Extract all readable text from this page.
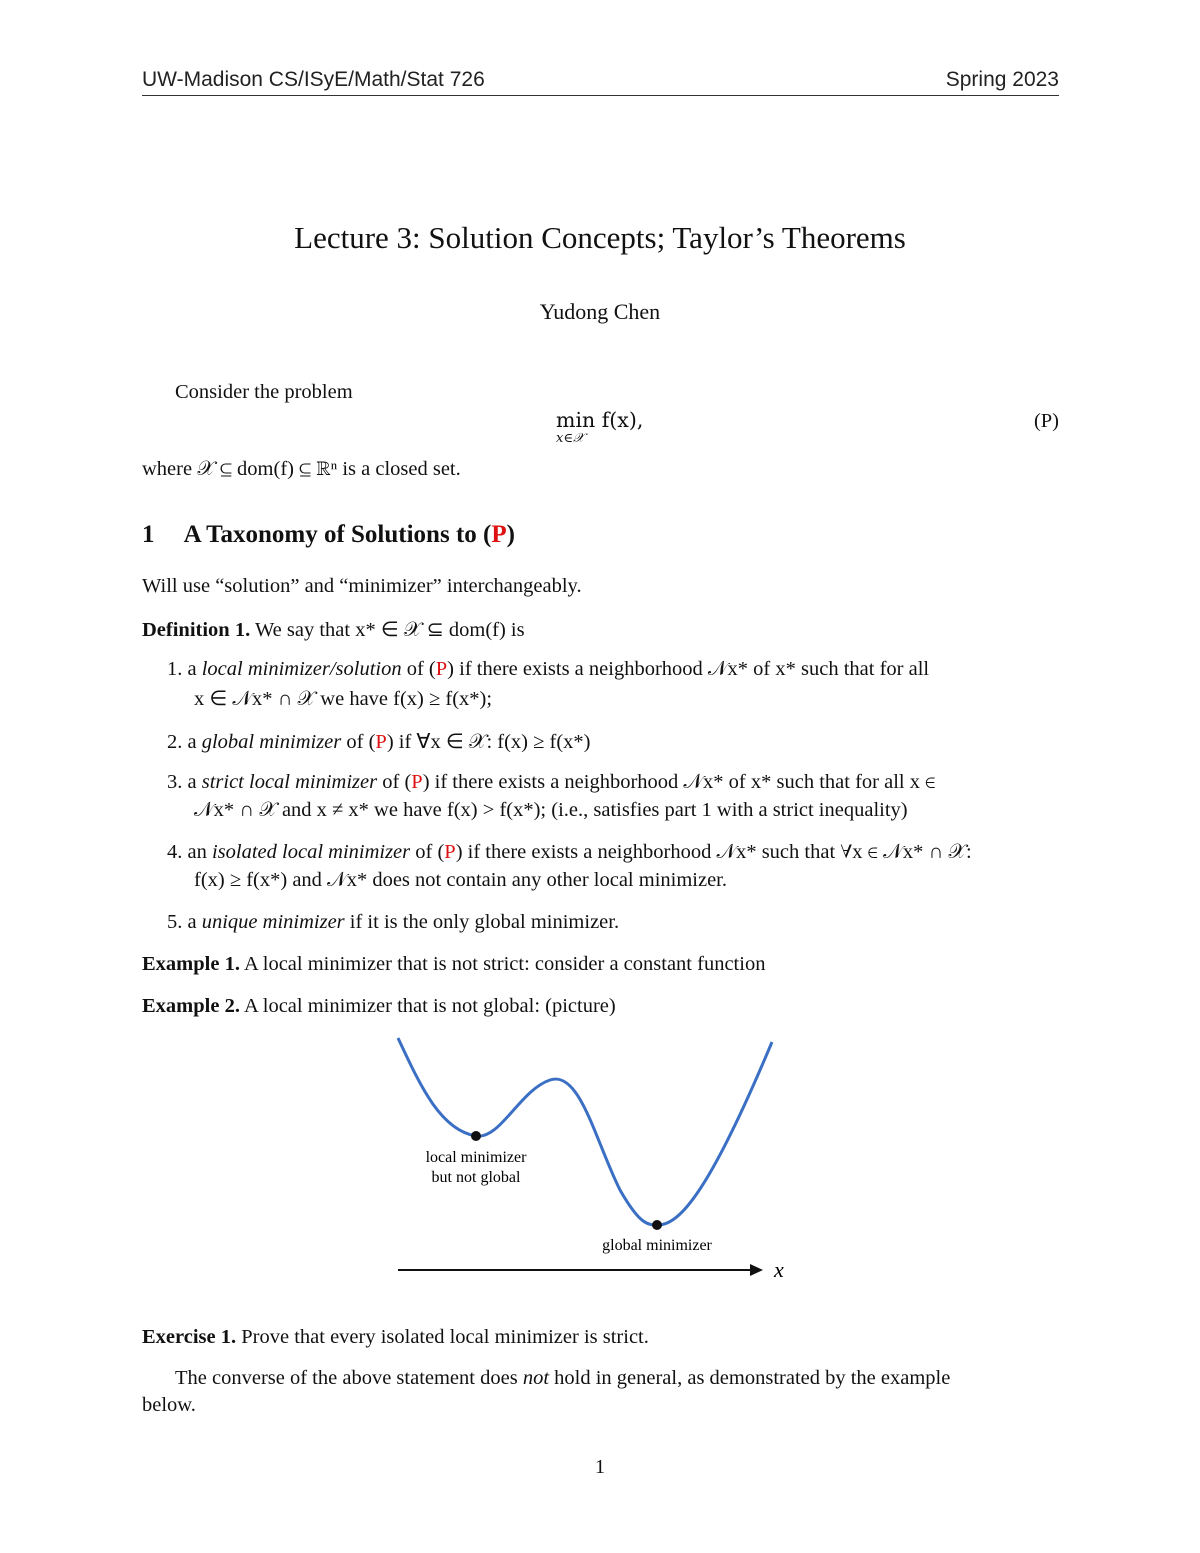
UW-Madison CS/ISyE/Math/Stat 726	Spring 2023
Lecture 3: Solution Concepts; Taylor’s Theorems
Yudong Chen
Consider the problem
min f(x),
x∈𝒳
(P)
where 𝒳 ⊆ dom(f) ⊆ ℝⁿ is a closed set.
1 A Taxonomy of Solutions to (P)
Will use “solution” and “minimizer” interchangeably.
Definition 1. We say that x* ∈ 𝒳 ⊆ dom(f) is
1. a local minimizer/solution of (P) if there exists a neighborhood 𝒩x* of x* such that for all
x ∈ 𝒩x* ∩ 𝒳 we have f(x) ≥ f(x*);
2. a global minimizer of (P) if ∀x ∈ 𝒳: f(x) ≥ f(x*)
3. a strict local minimizer of (P) if there exists a neighborhood 𝒩x* of x* such that for all x ∈
𝒩x* ∩ 𝒳 and x ≠ x* we have f(x) > f(x*); (i.e., satisfies part 1 with a strict inequality)
4. an isolated local minimizer of (P) if there exists a neighborhood 𝒩x* such that ∀x ∈ 𝒩x* ∩ 𝒳:
f(x) ≥ f(x*) and 𝒩x* does not contain any other local minimizer.
5. a unique minimizer if it is the only global minimizer.
Example 1. A local minimizer that is not strict: consider a constant function
Example 2. A local minimizer that is not global: (picture)
local minimizer
but not global
global minimizer
x
Exercise 1. Prove that every isolated local minimizer is strict.
The converse of the above statement does not hold in general, as demonstrated by the example
below.
1
